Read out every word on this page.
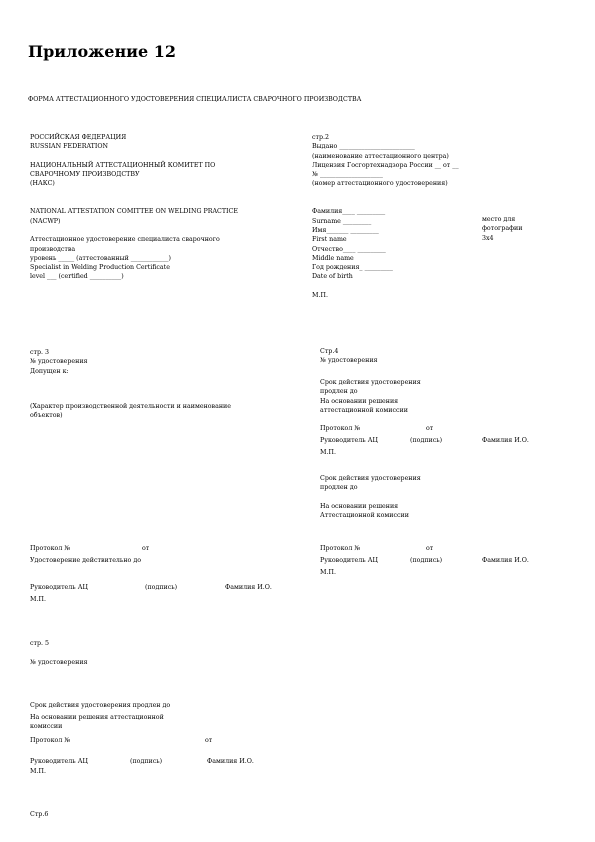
Приложение 12
ФОРМА АТТЕСТАЦИОННОГО УДОСТОВЕРЕНИЯ СПЕЦИАЛИСТА СВАРОЧНОГО ПРОИЗВОДСТВА
РОССИЙСКАЯ ФЕДЕРАЦИЯ
RUSSIAN FEDERATION

НАЦИОНАЛЬНЫЙ АТТЕСТАЦИОННЫЙ КОМИТЕТ ПО
СВАРОЧНОМУ ПРОИЗВОДСТВУ
(НАКС)

NATIONAL ATTESTATION COMITTEE ON WELDING PRACTICE
(NACWP)

Аттестационное удостоверение специалиста сварочного
производства
уровень _____ (аттестованный ____________)
Specialist in Welding Production Certificate
level ___ (certified __________)
стр.2
Выдано ________________________
(наименование аттестационного центра)
Лицензия Госгортехнадзора России __ от __
№ ____________________
(номер аттестационного удостоверения)

Фамилия____ _________
Surname _________
Имя_______ _________
First name
Отчество____ _________
Middle name
Год рождения_ _________
Date of birth

М.П.
место для
фотографии
3х4
стр. 3
№ удостоверения
Допущен к:
(Характер производственной деятельности и наименование
объектов)
Протокол №	от
Удостоверение действительно до
Руководитель АЦ	(подпись)	Фамилия И.О.
М.П.
Стр.4
№ удостоверения
Срок действия удостоверения
продлен до
На основании решения
аттестационной комиссии
Протокол №	от
Руководитель АЦ	(подпись)	Фамилия И.О.
М.П.
Срок действия удостоверения
продлен до

На основании решения
Аттестационной комиссии
Протокол №	от
Руководитель АЦ	(подпись)	Фамилия И.О.
М.П.
стр. 5
№ удостоверения
Срок действия удостоверения продлен до
На основании решения аттестационной
комиссии
Протокол №	от
Руководитель АЦ	(подпись)	Фамилия И.О.
М.П.
Стр.6
